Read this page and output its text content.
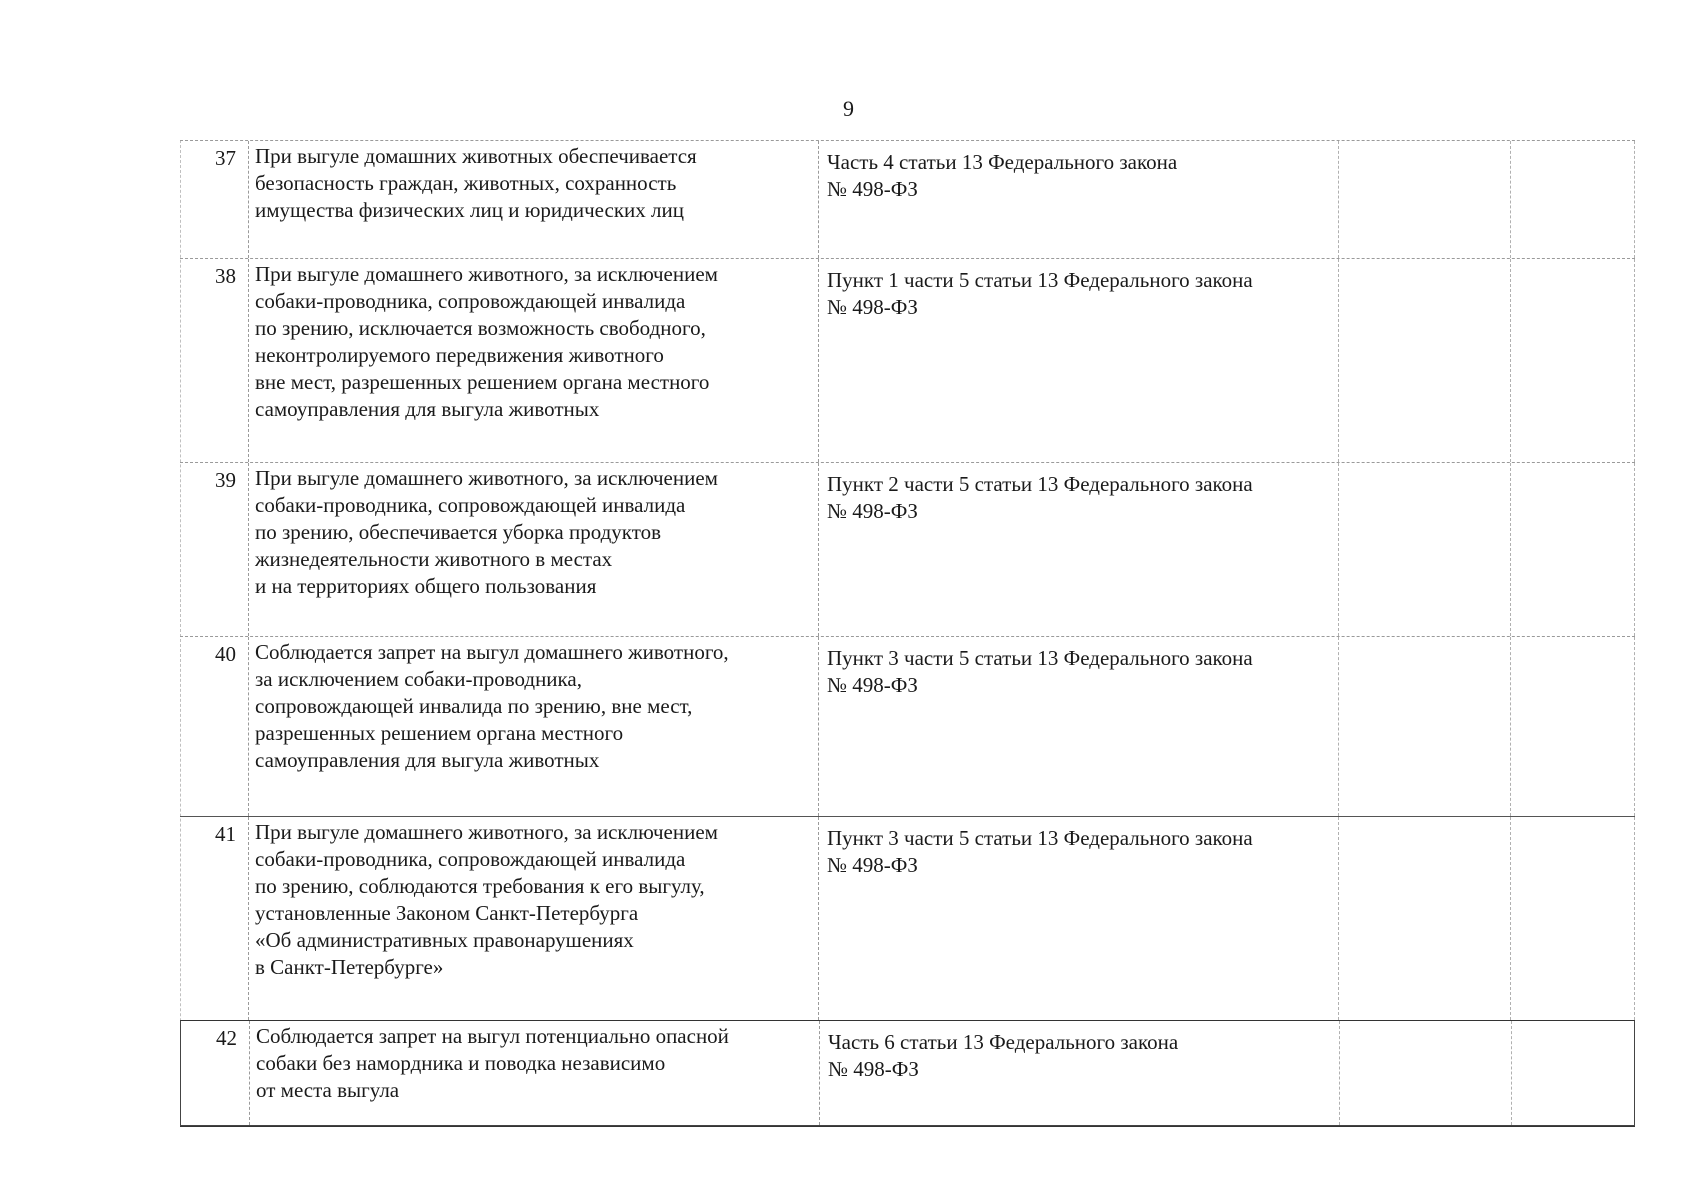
9
37 При выгуле домашних животных обеспечивается
безопасность граждан, животных, сохранность
имущества физических лиц и юридических лиц
Часть 4 статьи 13 Федерального закона
№ 498-ФЗ
38 При выгуле домашнего животного, за исключением
собаки-проводника, сопровождающей инвалида
по зрению, исключается возможность свободного,
неконтролируемого передвижения животного
вне мест, разрешенных решением органа местного
самоуправления для выгула животных
Пункт 1 части 5 статьи 13 Федерального закона
№ 498-ФЗ
39 При выгуле домашнего животного, за исключением
собаки-проводника, сопровождающей инвалида
по зрению, обеспечивается уборка продуктов
жизнедеятельности животного в местах
и на территориях общего пользования
Пункт 2 части 5 статьи 13 Федерального закона
№ 498-ФЗ
40 Соблюдается запрет на выгул домашнего животного,
за исключением собаки-проводника,
сопровождающей инвалида по зрению, вне мест,
разрешенных решением органа местного
самоуправления для выгула животных
Пункт 3 части 5 статьи 13 Федерального закона
№ 498-ФЗ
41 При выгуле домашнего животного, за исключением
собаки-проводника, сопровождающей инвалида
по зрению, соблюдаются требования к его выгулу,
установленные Законом Санкт-Петербурга
«Об административных правонарушениях
в Санкт-Петербурге»
Пункт 3 части 5 статьи 13 Федерального закона
№ 498-ФЗ
42 Соблюдается запрет на выгул потенциально опасной
собаки без намордника и поводка независимо
от места выгула
Часть 6 статьи 13 Федерального закона
№ 498-ФЗ
